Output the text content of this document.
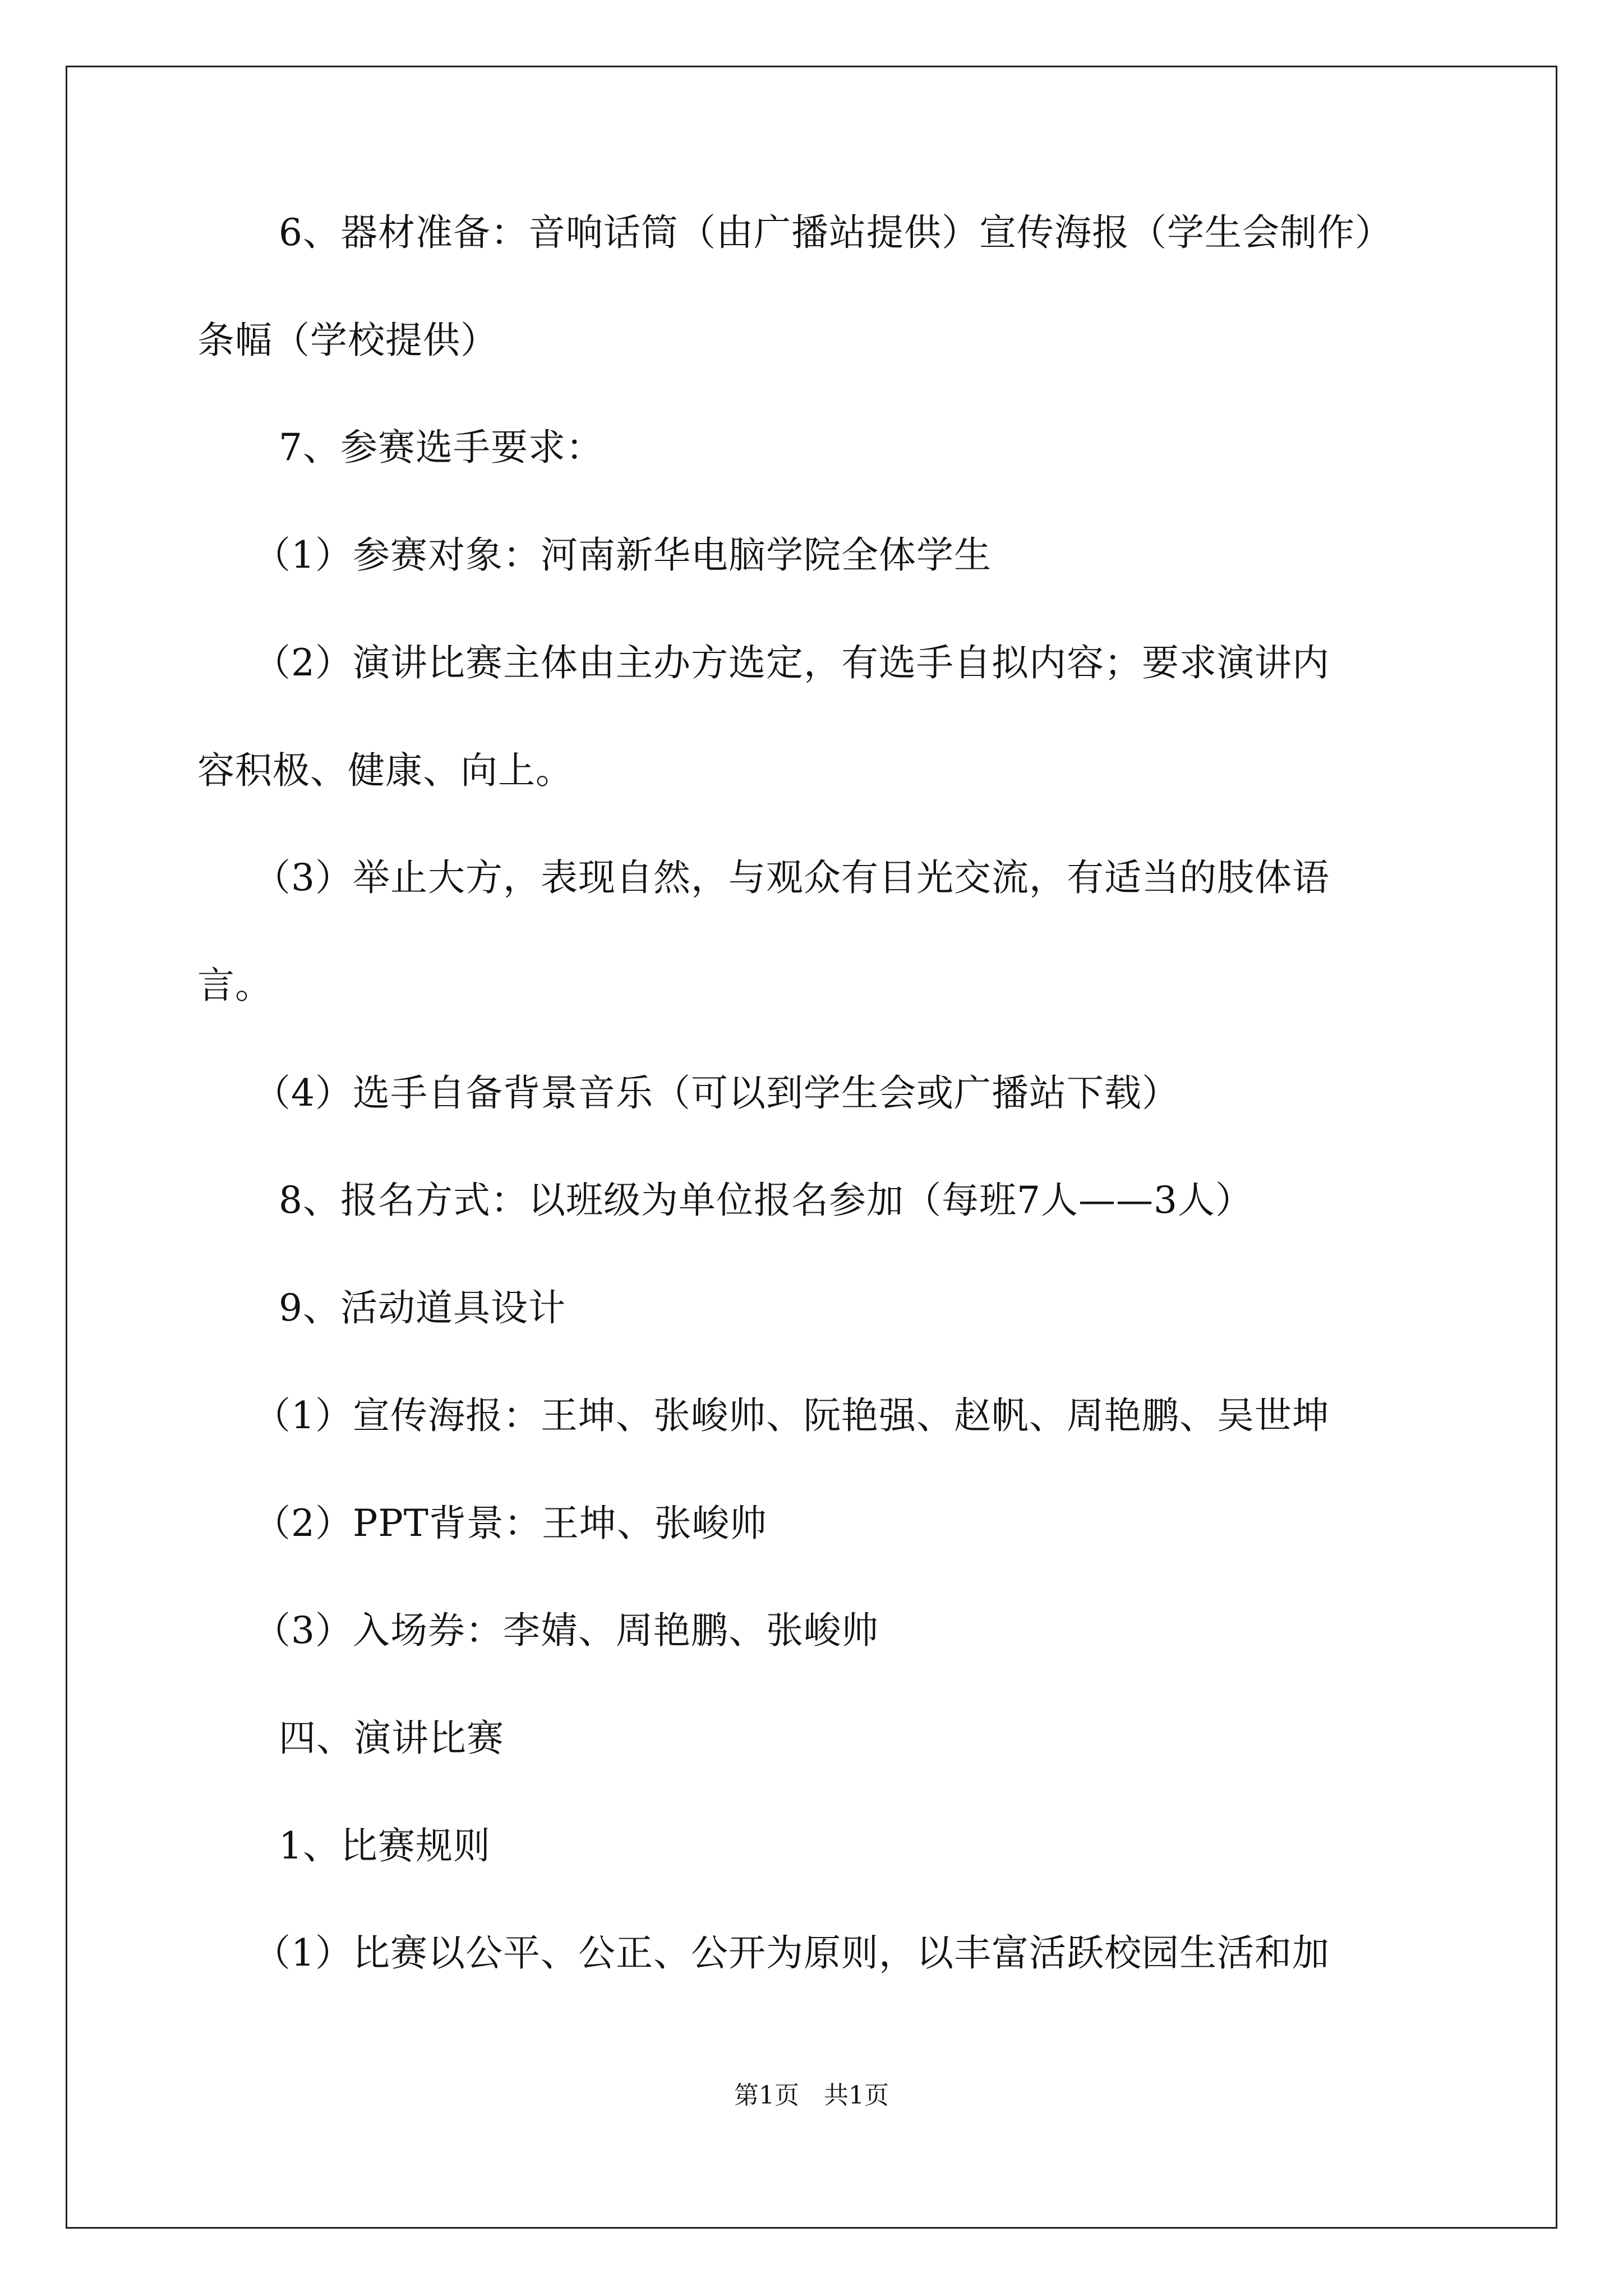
6、器材准备：音响话筒（由广播站提供）宣传海报（学生会制作）
条幅（学校提供）
7、参赛选手要求：
（1）参赛对象：河南新华电脑学院全体学生
（2）演讲比赛主体由主办方选定，有选手自拟内容；要求演讲内
容积极、健康、向上。
（3）举止大方，表现自然，与观众有目光交流，有适当的肢体语
言。
（4）选手自备背景音乐（可以到学生会或广播站下载）
8、报名方式：以班级为单位报名参加（每班7人——3人）
9、活动道具设计
（1）宣传海报：王坤、张峻帅、阮艳强、赵帆、周艳鹏、吴世坤
（2）PPT背景：王坤、张峻帅
（3）入场券：李婧、周艳鹏、张峻帅
四、演讲比赛
1、比赛规则
（1）比赛以公平、公正、公开为原则，以丰富活跃校园生活和加
第1页　共1页
